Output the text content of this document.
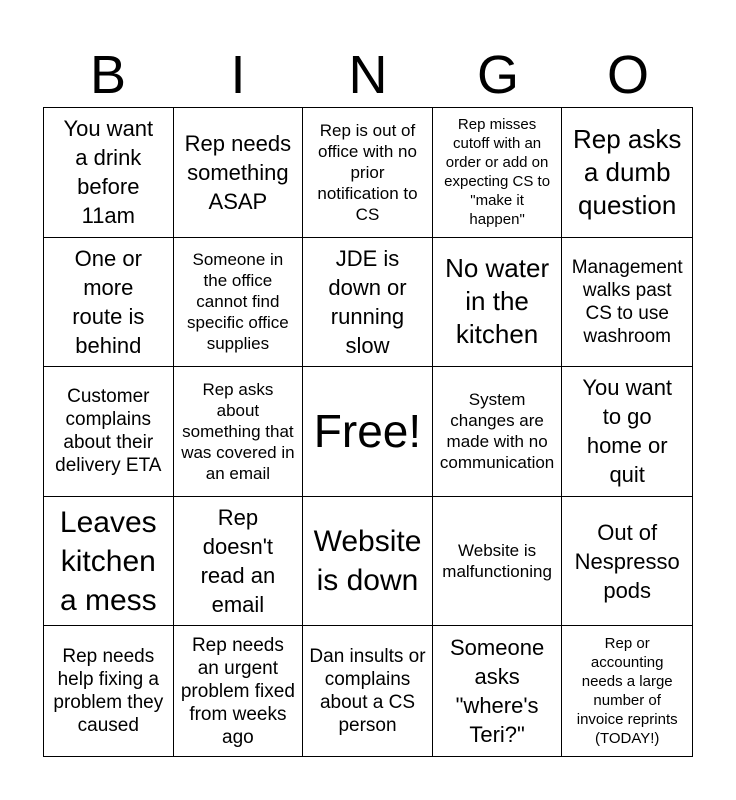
B	I	N	G	O
You want a drink before 11am
Rep needs something ASAP
Rep is out of office with no prior notification to CS
Rep misses cutoff with an order or add on expecting CS to "make it happen"
Rep asks a dumb question
One or more route is behind
Someone in the office cannot find specific office supplies
JDE is down or running slow
No water in the kitchen
Management walks past CS to use washroom
Customer complains about their delivery ETA
Rep asks about something that was covered in an email
Free!
System changes are made with no communication
You want to go home or quit
Leaves kitchen a mess
Rep doesn't read an email
Website is down
Website is malfunctioning
Out of Nespresso pods
Rep needs help fixing a problem they caused
Rep needs an urgent problem fixed from weeks ago
Dan insults or complains about a CS person
Someone asks "where's Teri?"
Rep or accounting needs a large number of invoice reprints (TODAY!)
